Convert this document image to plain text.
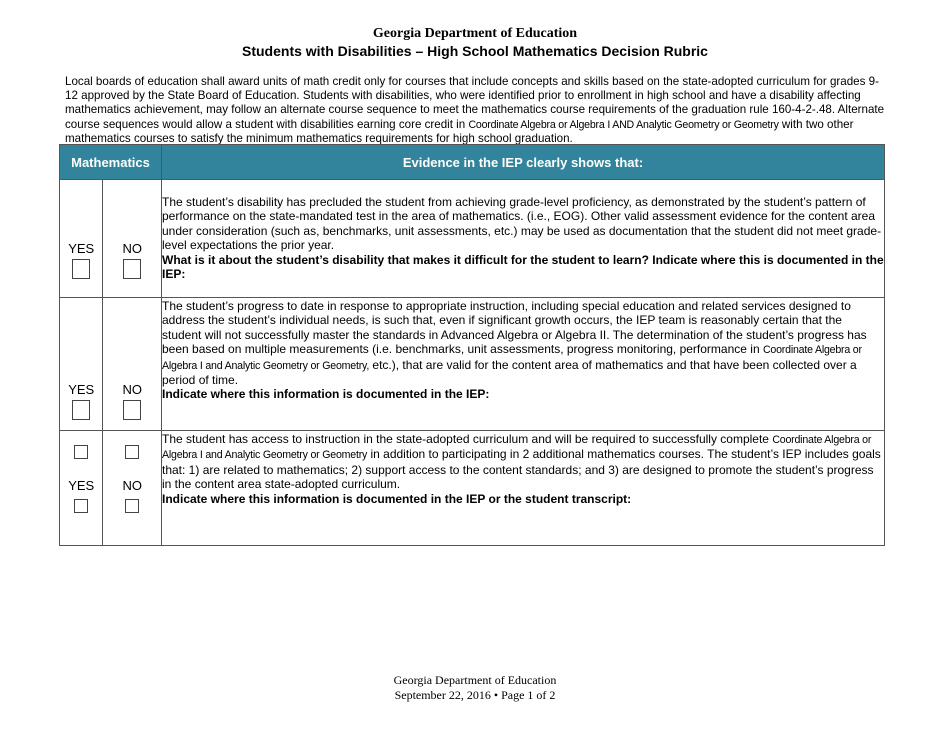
Georgia Department of Education
Students with Disabilities – High School Mathematics Decision Rubric
Local boards of education shall award units of math credit only for courses that include concepts and skills based on the state-adopted curriculum for grades 9-12 approved by the State Board of Education. Students with disabilities, who were identified prior to enrollment in high school and have a disability affecting mathematics achievement, may follow an alternate course sequence to meet the mathematics course requirements of the graduation rule 160-4-2-.48. Alternate course sequences would allow a student with disabilities earning core credit in Coordinate Algebra or Algebra I AND Analytic Geometry or Geometry with two other mathematics courses to satisfy the minimum mathematics requirements for high school graduation.
Mathematics		Evidence in the IEP clearly shows that:

YES	NO	The student’s disability has precluded the student from achieving grade-level proficiency, as demonstrated by the student’s pattern of performance on the state-mandated test in the area of mathematics. (i.e., EOG). Other valid assessment evidence for the content area under consideration (such as, benchmarks, unit assessments, etc.) may be used as documentation that the student did not meet grade-level expectations the prior year.
What is it about the student’s disability that makes it difficult for the student to learn? Indicate where this is documented in the IEP:

YES	NO	The student’s progress to date in response to appropriate instruction, including special education and related services designed to address the student’s individual needs, is such that, even if significant growth occurs, the IEP team is reasonably certain that the student will not successfully master the standards in Advanced Algebra or Algebra II. The determination of the student’s progress has been based on multiple measurements (i.e. benchmarks, unit assessments, progress monitoring, performance in Coordinate Algebra or Algebra I and Analytic Geometry or Geometry, etc.), that are valid for the content area of mathematics and that have been collected over a period of time.
Indicate where this information is documented in the IEP:

YES	NO	The student has access to instruction in the state-adopted curriculum and will be required to successfully complete Coordinate Algebra or Algebra I and Analytic Geometry or Geometry in addition to participating in 2 additional mathematics courses. The student’s IEP includes goals that: 1) are related to mathematics; 2) support access to the content standards; and 3) are designed to promote the student’s progress in the content area state-adopted curriculum.
Indicate where this information is documented in the IEP or the student transcript:
Georgia Department of Education
September 22, 2016 • Page 1 of 2
